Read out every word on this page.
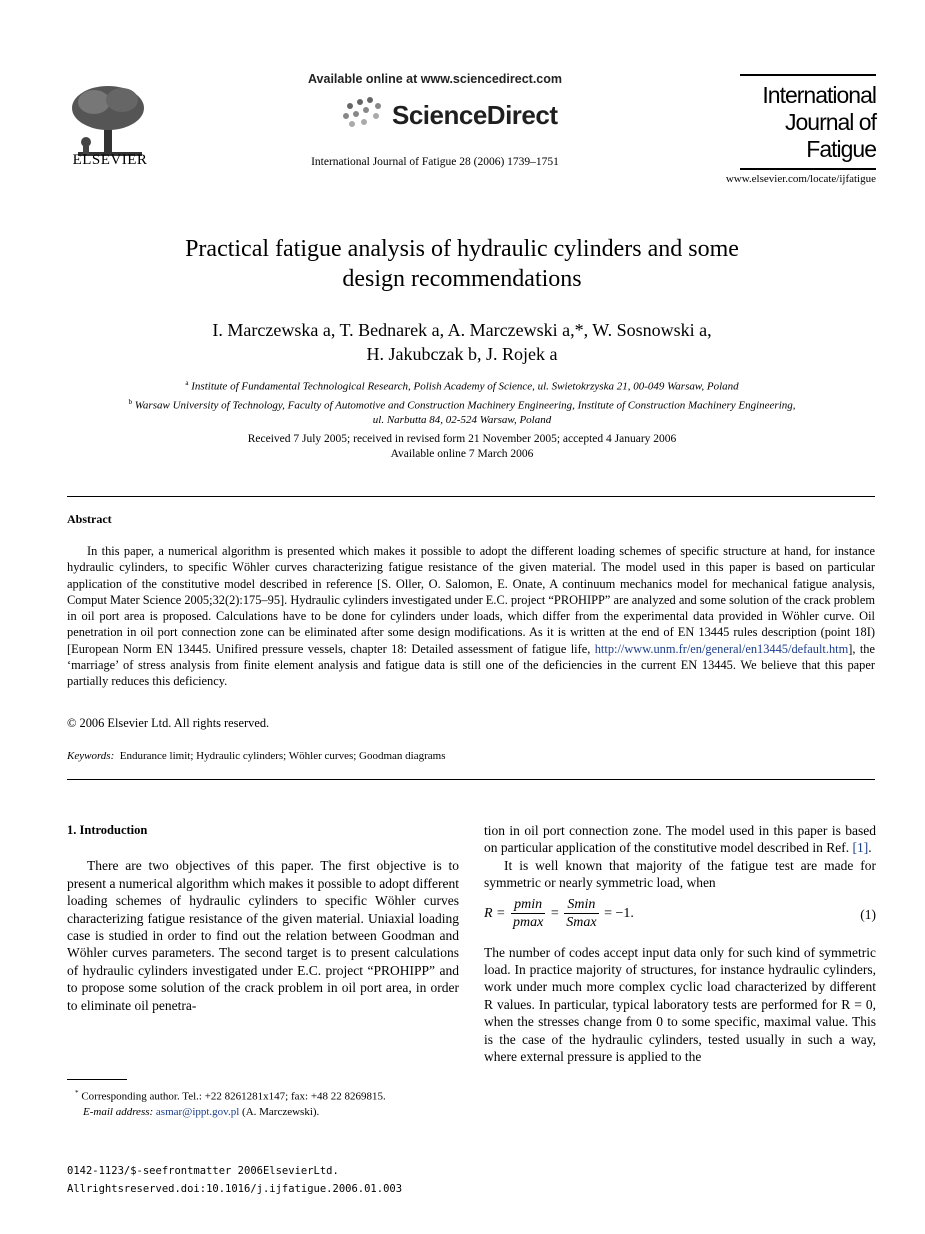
ELSEVIER
Available online at www.sciencedirect.com
ScienceDirect
International Journal of Fatigue 28 (2006) 1739–1751
International
Journal of
Fatigue
www.elsevier.com/locate/ijfatigue
Practical fatigue analysis of hydraulic cylinders and some
design recommendations
I. Marczewska a, T. Bednarek a, A. Marczewski a,*, W. Sosnowski a,
H. Jakubczak b, J. Rojek a
$^a$ Institute of Fundamental Technological Research, Polish Academy of Science, ul. Swietokrzyska 21, 00-049 Warsaw, Poland
$^b$ Warsaw University of Technology, Faculty of Automotive and Construction Machinery Engineering, Institute of Construction Machinery Engineering,
ul. Narbutta 84, 02-524 Warsaw, Poland
Received 7 July 2005; received in revised form 21 November 2005; accepted 4 January 2006
Available online 7 March 2006
Abstract

In this paper, a numerical algorithm is presented which makes it possible to adopt the different loading schemes of specific structure at hand, for instance hydraulic cylinders, to specific Wöhler curves characterizing fatigue resistance of the given material. The model used in this paper is based on particular application of the constitutive model described in reference [S. Oller, O. Salomon, E. Onate, A continuum mechanics model for mechanical fatigue analysis, Comput Mater Science 2005;32(2):175–95]. Hydraulic cylinders investigated under E.C. project “PROHIPP” are analyzed and some solution of the crack problem in oil port area is proposed. Calculations have to be done for cylinders under loads, which differ from the experimental data provided in Wöhler curve. Oil penetration in oil port connection zone can be eliminated after some design modifications. As it is written at the end of EN 13445 rules description (point 18I) [European Norm EN 13445. Unifired pressure vessels, chapter 18: Detailed assessment of fatigue life, http://www.unm.fr/en/general/en13445/default.htm], the ‘marriage’ of stress analysis from finite element analysis and fatigue data is still one of the deficiencies in the current EN 13445. We believe that this paper partially reduces this deficiency.

© 2006 Elsevier Ltd. All rights reserved.
Keywords: Endurance limit; Hydraulic cylinders; Wöhler curves; Goodman diagrams
1. Introduction

There are two objectives of this paper. The first objective is to present a numerical algorithm which makes it possible to adopt different loading schemes of hydraulic cylinders to specific Wöhler curves characterizing fatigue resistance of the given material. Uniaxial loading case is studied in order to find out the relation between Goodman and Wöhler curves parameters. The second target is to present calculations of hydraulic cylinders investigated under E.C. project “PROHIPP” and to propose some solution of the crack problem in oil port area, in order to eliminate oil penetra-

* Corresponding author. Tel.: +22 8261281x147; fax: +48 22 8269815.
E-mail address: asmar@ippt.gov.pl (A. Marczewski).
0142-1123/$-seefrontmatter 2006ElsevierLtd.
Allrightsreserved.doi:10.1016/j.ijfatigue.2006.01.003

tion in oil port connection zone. The model used in this paper is based on particular application of the constitutive model described in Ref. [1].

It is well known that majority of the fatigue test are made for symmetric or nearly symmetric load, when

$R = \frac{pmin}{pmax} = \frac{Smin}{Smax} = -1$.	(1)

The number of codes accept input data only for such kind of symmetric load. In practice majority of structures, for instance hydraulic cylinders, work under much more complex cyclic load characterized by different R values. In particular, typical laboratory tests are performed for R = 0, when the stresses change from 0 to some specific, maximal value. This is the case of the hydraulic cylinders, tested usually in such a way, where external pressure is applied to the
